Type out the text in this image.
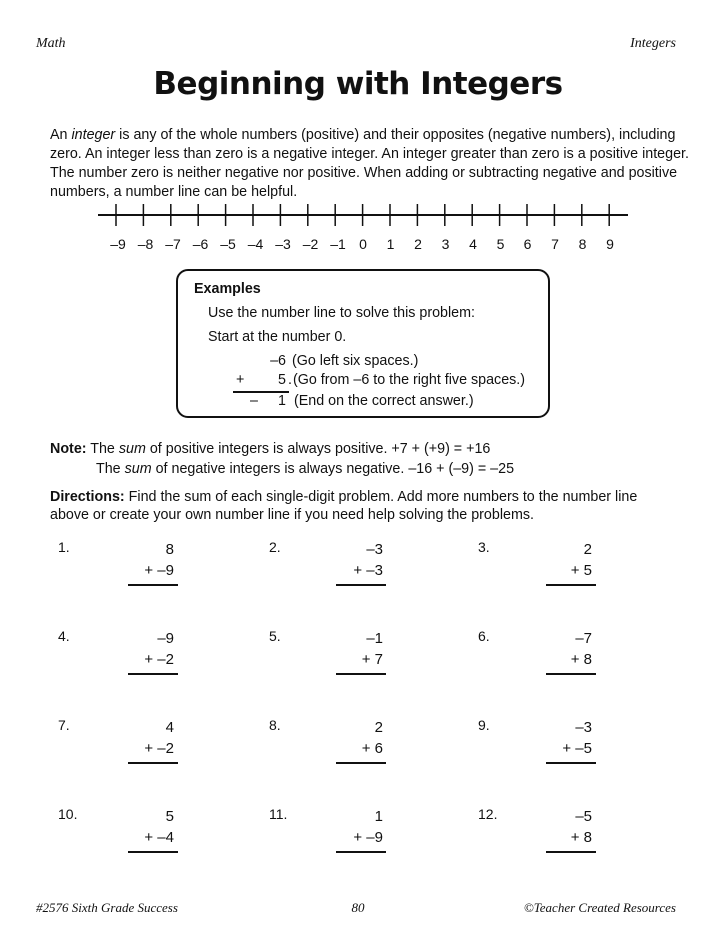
Math	Integers
Beginning with Integers
An integer is any of the whole numbers (positive) and their opposites (negative numbers), including zero. An integer less than zero is a negative integer. An integer greater than zero is a positive integer. The number zero is neither negative nor positive. When adding or subtracting negative and positive numbers, a number line can be helpful.
–9 –8 –7 –6 –5 –4 –3 –2 –1 0	1	2	3	4	5	6	7	8	9
Examples
Use the number line to solve this problem:
Start at the number 0.
–6 (Go left six spaces.)
+	5 . (Go from –6 to the right five spaces.)
–	1 (End on the correct answer.)
Note: The sum of positive integers is always positive. +7 + (+9) = +16
The sum of negative integers is always negative. –16 + (–9) = –25
Directions: Find the sum of each single-digit problem. Add more numbers to the number line
above or create your own number line if you need help solving the problems.
1.	8
+ –9
2.	–3
+ –3
3.	2
+ 5
4.	–9
+ –2
5.	–1
+ 7
6.	–7
+ 8
7.	4
+ –2
8.	2
+ 6
9.	–3
+ –5
10.	5
+ –4
11.	1
+ –9
12.	–5
+ 8
#2576 Sixth Grade Success	80	©Teacher Created Resources
